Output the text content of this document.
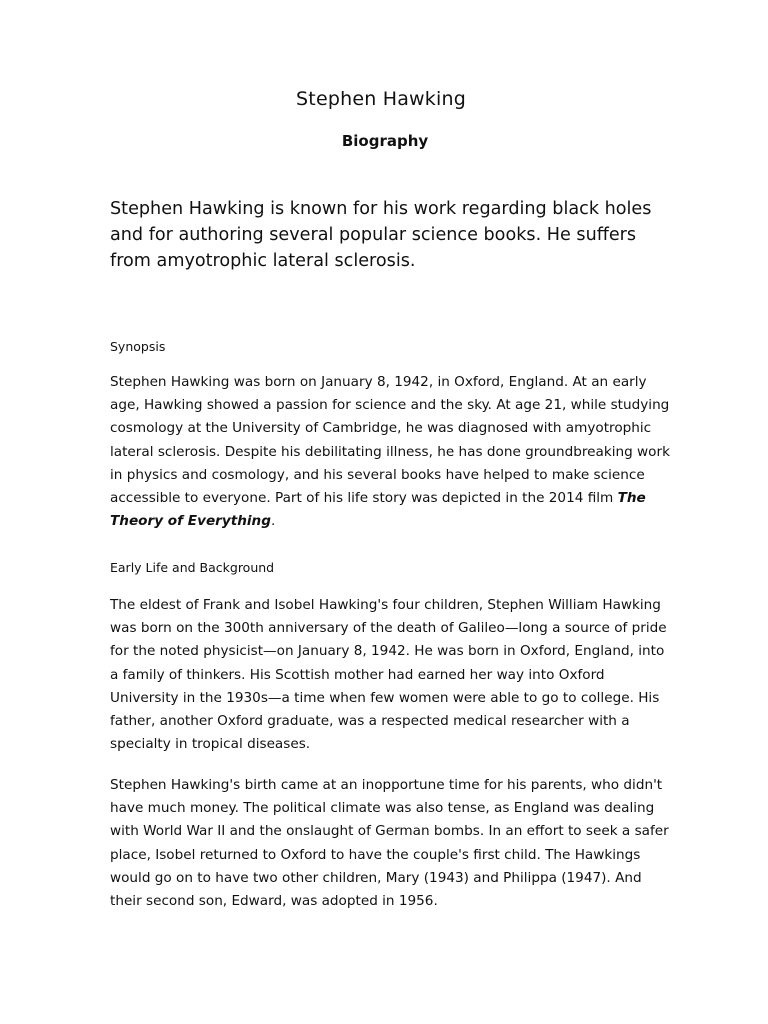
Stephen Hawking
Biography
Stephen Hawking is known for his work regarding black holes and for authoring several popular science books. He suffers from amyotrophic lateral sclerosis.
Synopsis
Stephen Hawking was born on January 8, 1942, in Oxford, England. At an early age, Hawking showed a passion for science and the sky. At age 21, while studying cosmology at the University of Cambridge, he was diagnosed with amyotrophic lateral sclerosis. Despite his debilitating illness, he has done groundbreaking work in physics and cosmology, and his several books have helped to make science accessible to everyone. Part of his life story was depicted in the 2014 film The Theory of Everything.
Early Life and Background
The eldest of Frank and Isobel Hawking's four children, Stephen William Hawking was born on the 300th anniversary of the death of Galileo—long a source of pride for the noted physicist—on January 8, 1942. He was born in Oxford, England, into a family of thinkers. His Scottish mother had earned her way into Oxford University in the 1930s—a time when few women were able to go to college. His father, another Oxford graduate, was a respected medical researcher with a specialty in tropical diseases.
Stephen Hawking's birth came at an inopportune time for his parents, who didn't have much money. The political climate was also tense, as England was dealing with World War II and the onslaught of German bombs. In an effort to seek a safer place, Isobel returned to Oxford to have the couple's first child. The Hawkings would go on to have two other children, Mary (1943) and Philippa (1947). And their second son, Edward, was adopted in 1956.
